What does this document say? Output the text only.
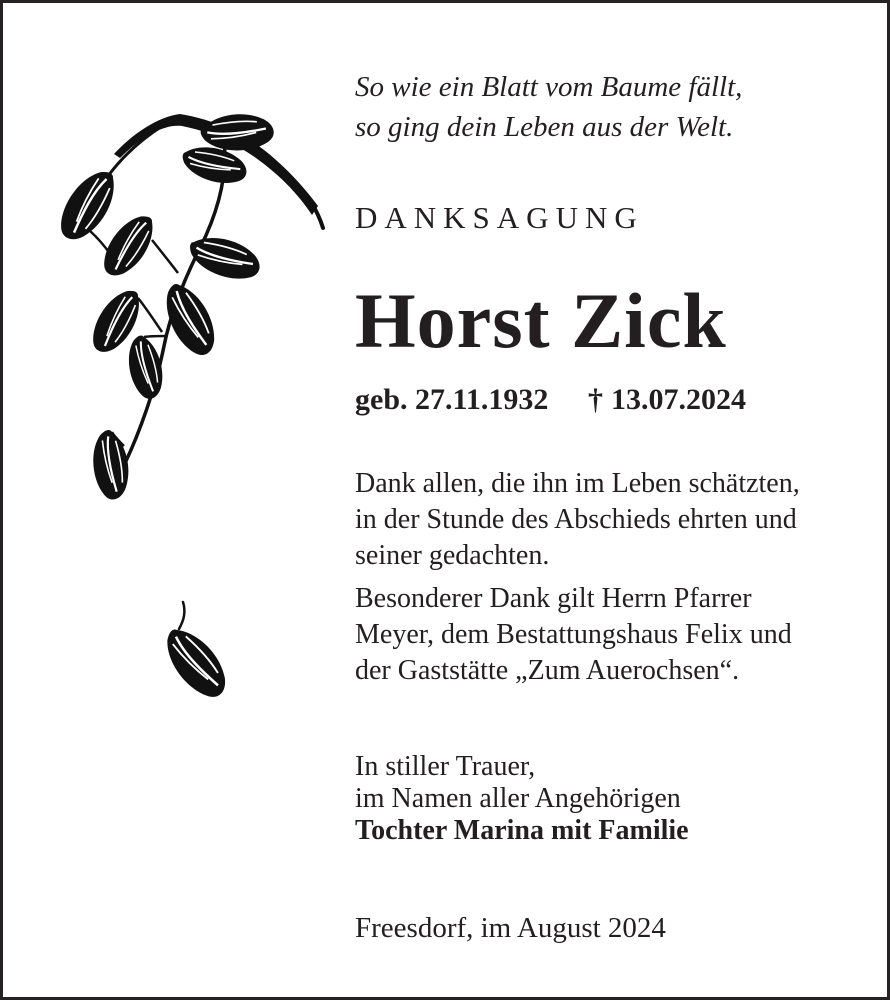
So wie ein Blatt vom Baume fällt,
so ging dein Leben aus der Welt.
DANKSAGUNG
Horst Zick
geb. 27.11.1932 † 13.07.2024
Dank allen, die ihn im Leben schätzten,
in der Stunde des Abschieds ehrten und
seiner gedachten.
Besonderer Dank gilt Herrn Pfarrer
Meyer, dem Bestattungshaus Felix und
der Gaststätte „Zum Auerochsen“.
In stiller Trauer,
im Namen aller Angehörigen
Tochter Marina mit Familie
Freesdorf, im August 2024
